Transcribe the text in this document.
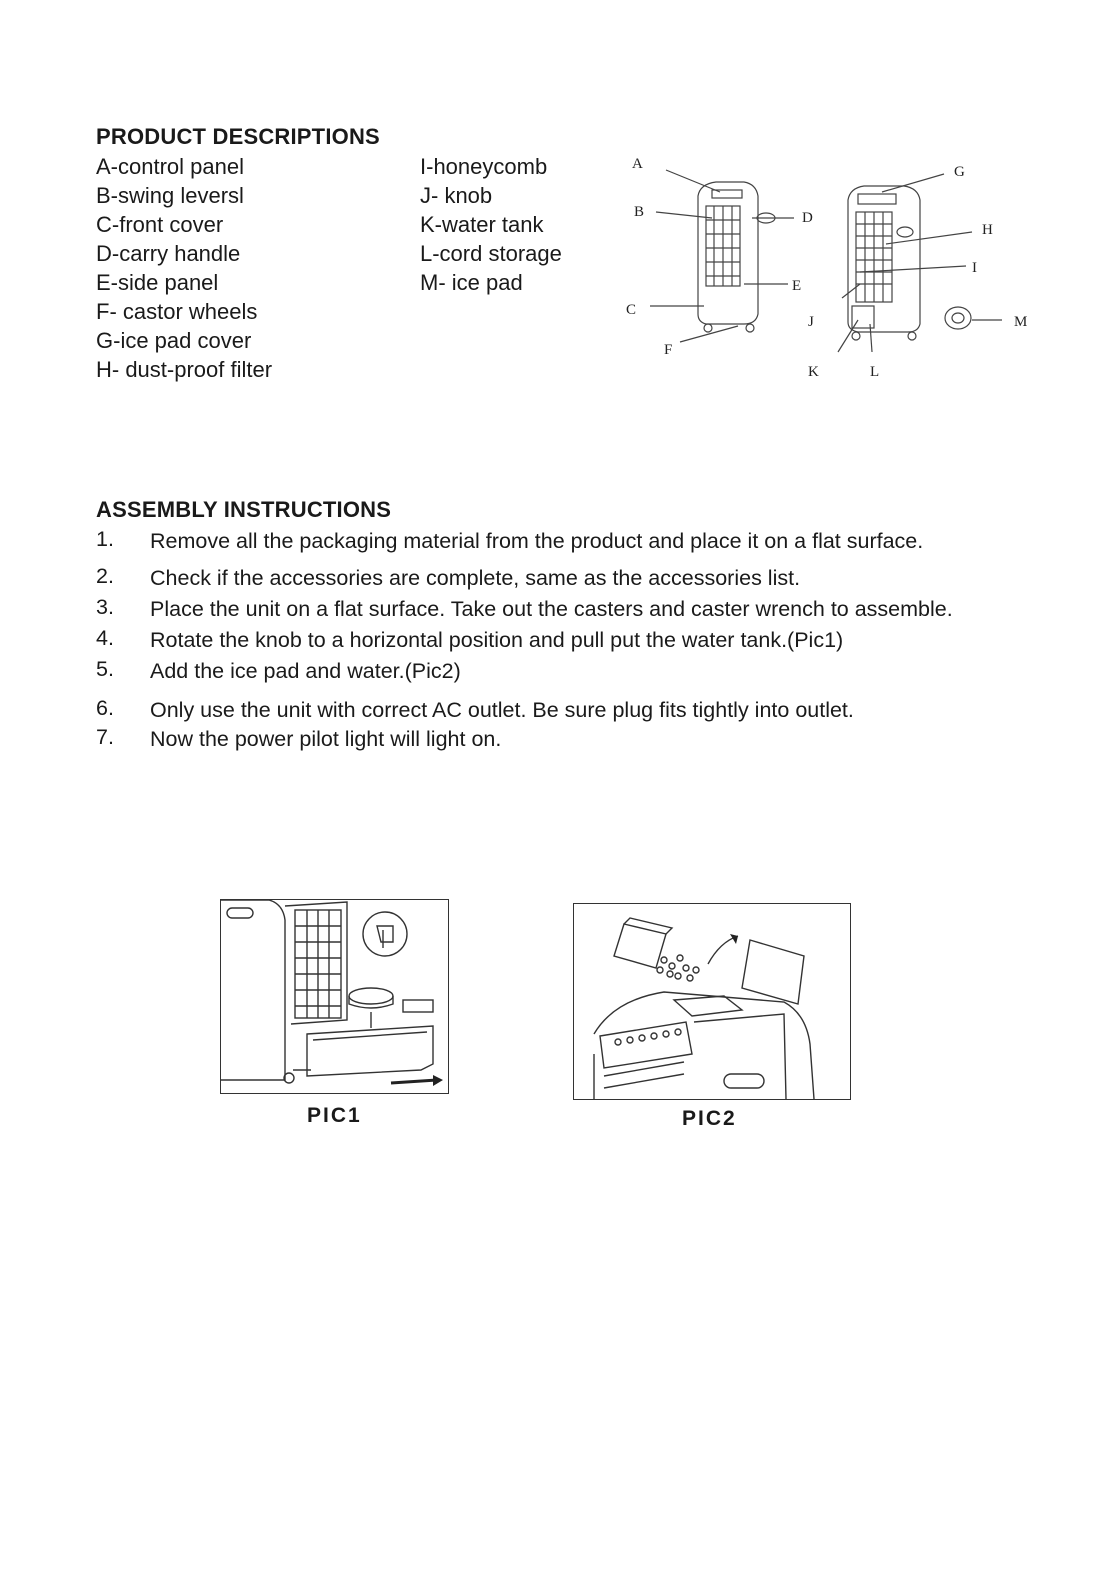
PRODUCT DESCRIPTIONS
A-control panel
B-swing leversl
C-front cover
D-carry handle
E-side panel
F- castor wheels
G-ice pad cover
H- dust-proof filter
I-honeycomb
J- knob
K-water tank
L-cord storage
M- ice pad
A
B
C
D
E
F
G
H
I
J
K	L
M
ASSEMBLY INSTRUCTIONS
1.	Remove all the packaging material from the product and place it on a flat surface.
2.	Check if the accessories are complete, same as the accessories list.
3.	Place the unit on a flat surface. Take out the casters and caster wrench to assemble.
4.	Rotate the knob to a horizontal position and pull put the water tank.(Pic1)
5.	Add the ice pad and water.(Pic2)
6.	Only use the unit with correct AC outlet. Be sure plug fits tightly into outlet.
7.	Now the power pilot light will light on.
PIC1	PIC2
